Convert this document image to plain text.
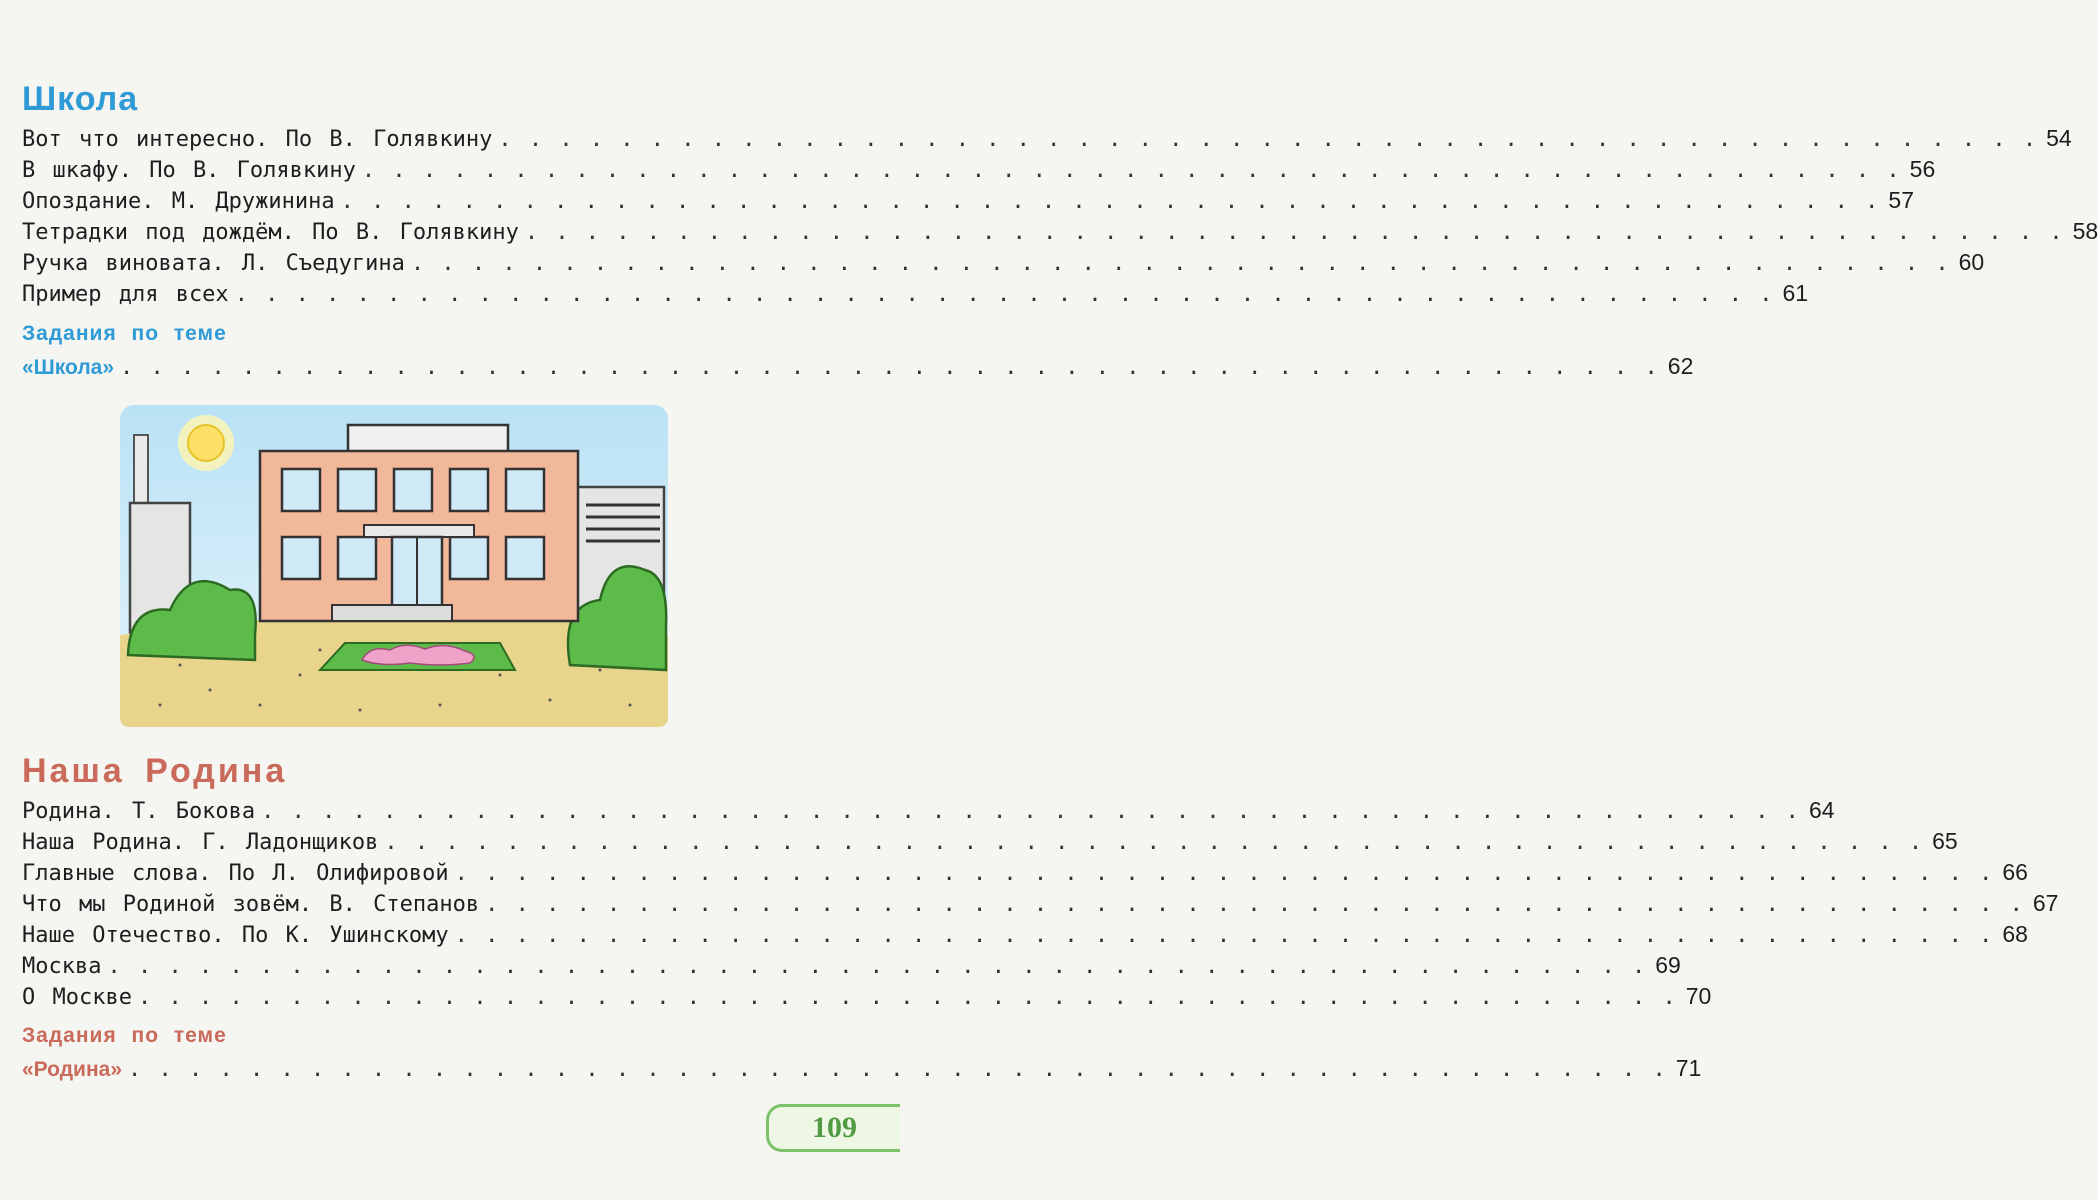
Школа
Вот что интересно. По В. Голявкину . . . . . . . . . . . . . . . . . . . . . . . . . . . . . . . . . . . . . . . . . . . . . . . . . . . 54
В шкафу. По В. Голявкину . . . . . . . . . . . . . . . . . . . . . . . . . . . . . . . . . . . . . . . . . . . . . . . . . . . 56
Опоздание. М. Дружинина . . . . . . . . . . . . . . . . . . . . . . . . . . . . . . . . . . . . . . . . . . . . . . . . . . . 57
Тетрадки под дождём. По В. Голявкину . . . . . . . . . . . . . . . . . . . . . . . . . . . . . . . . . . . . . . . . . . . . . . . . . . . 58
Ручка виновата. Л. Съедугина . . . . . . . . . . . . . . . . . . . . . . . . . . . . . . . . . . . . . . . . . . . . . . . . . . . 60
Пример для всех . . . . . . . . . . . . . . . . . . . . . . . . . . . . . . . . . . . . . . . . . . . . . . . . . . . 61
Задания по теме
«Школа» . . . . . . . . . . . . . . . . . . . . . . . . . . . . . . . . . . . . . . . . . . . . . . . . . . . 62
Наша Родина
Родина. Т. Бокова . . . . . . . . . . . . . . . . . . . . . . . . . . . . . . . . . . . . . . . . . . . . . . . . . . . 64
Наша Родина. Г. Ладонщиков . . . . . . . . . . . . . . . . . . . . . . . . . . . . . . . . . . . . . . . . . . . . . . . . . . . 65
Главные слова. По Л. Олифировой . . . . . . . . . . . . . . . . . . . . . . . . . . . . . . . . . . . . . . . . . . . . . . . . . . . 66
Что мы Родиной зовём. В. Степанов . . . . . . . . . . . . . . . . . . . . . . . . . . . . . . . . . . . . . . . . . . . . . . . . . . . 67
Наше Отечество. По К. Ушинскому . . . . . . . . . . . . . . . . . . . . . . . . . . . . . . . . . . . . . . . . . . . . . . . . . . . 68
Москва . . . . . . . . . . . . . . . . . . . . . . . . . . . . . . . . . . . . . . . . . . . . . . . . . . . 69
О Москве . . . . . . . . . . . . . . . . . . . . . . . . . . . . . . . . . . . . . . . . . . . . . . . . . . . 70
Задания по теме
«Родина» . . . . . . . . . . . . . . . . . . . . . . . . . . . . . . . . . . . . . . . . . . . . . . . . . . . 71
109
